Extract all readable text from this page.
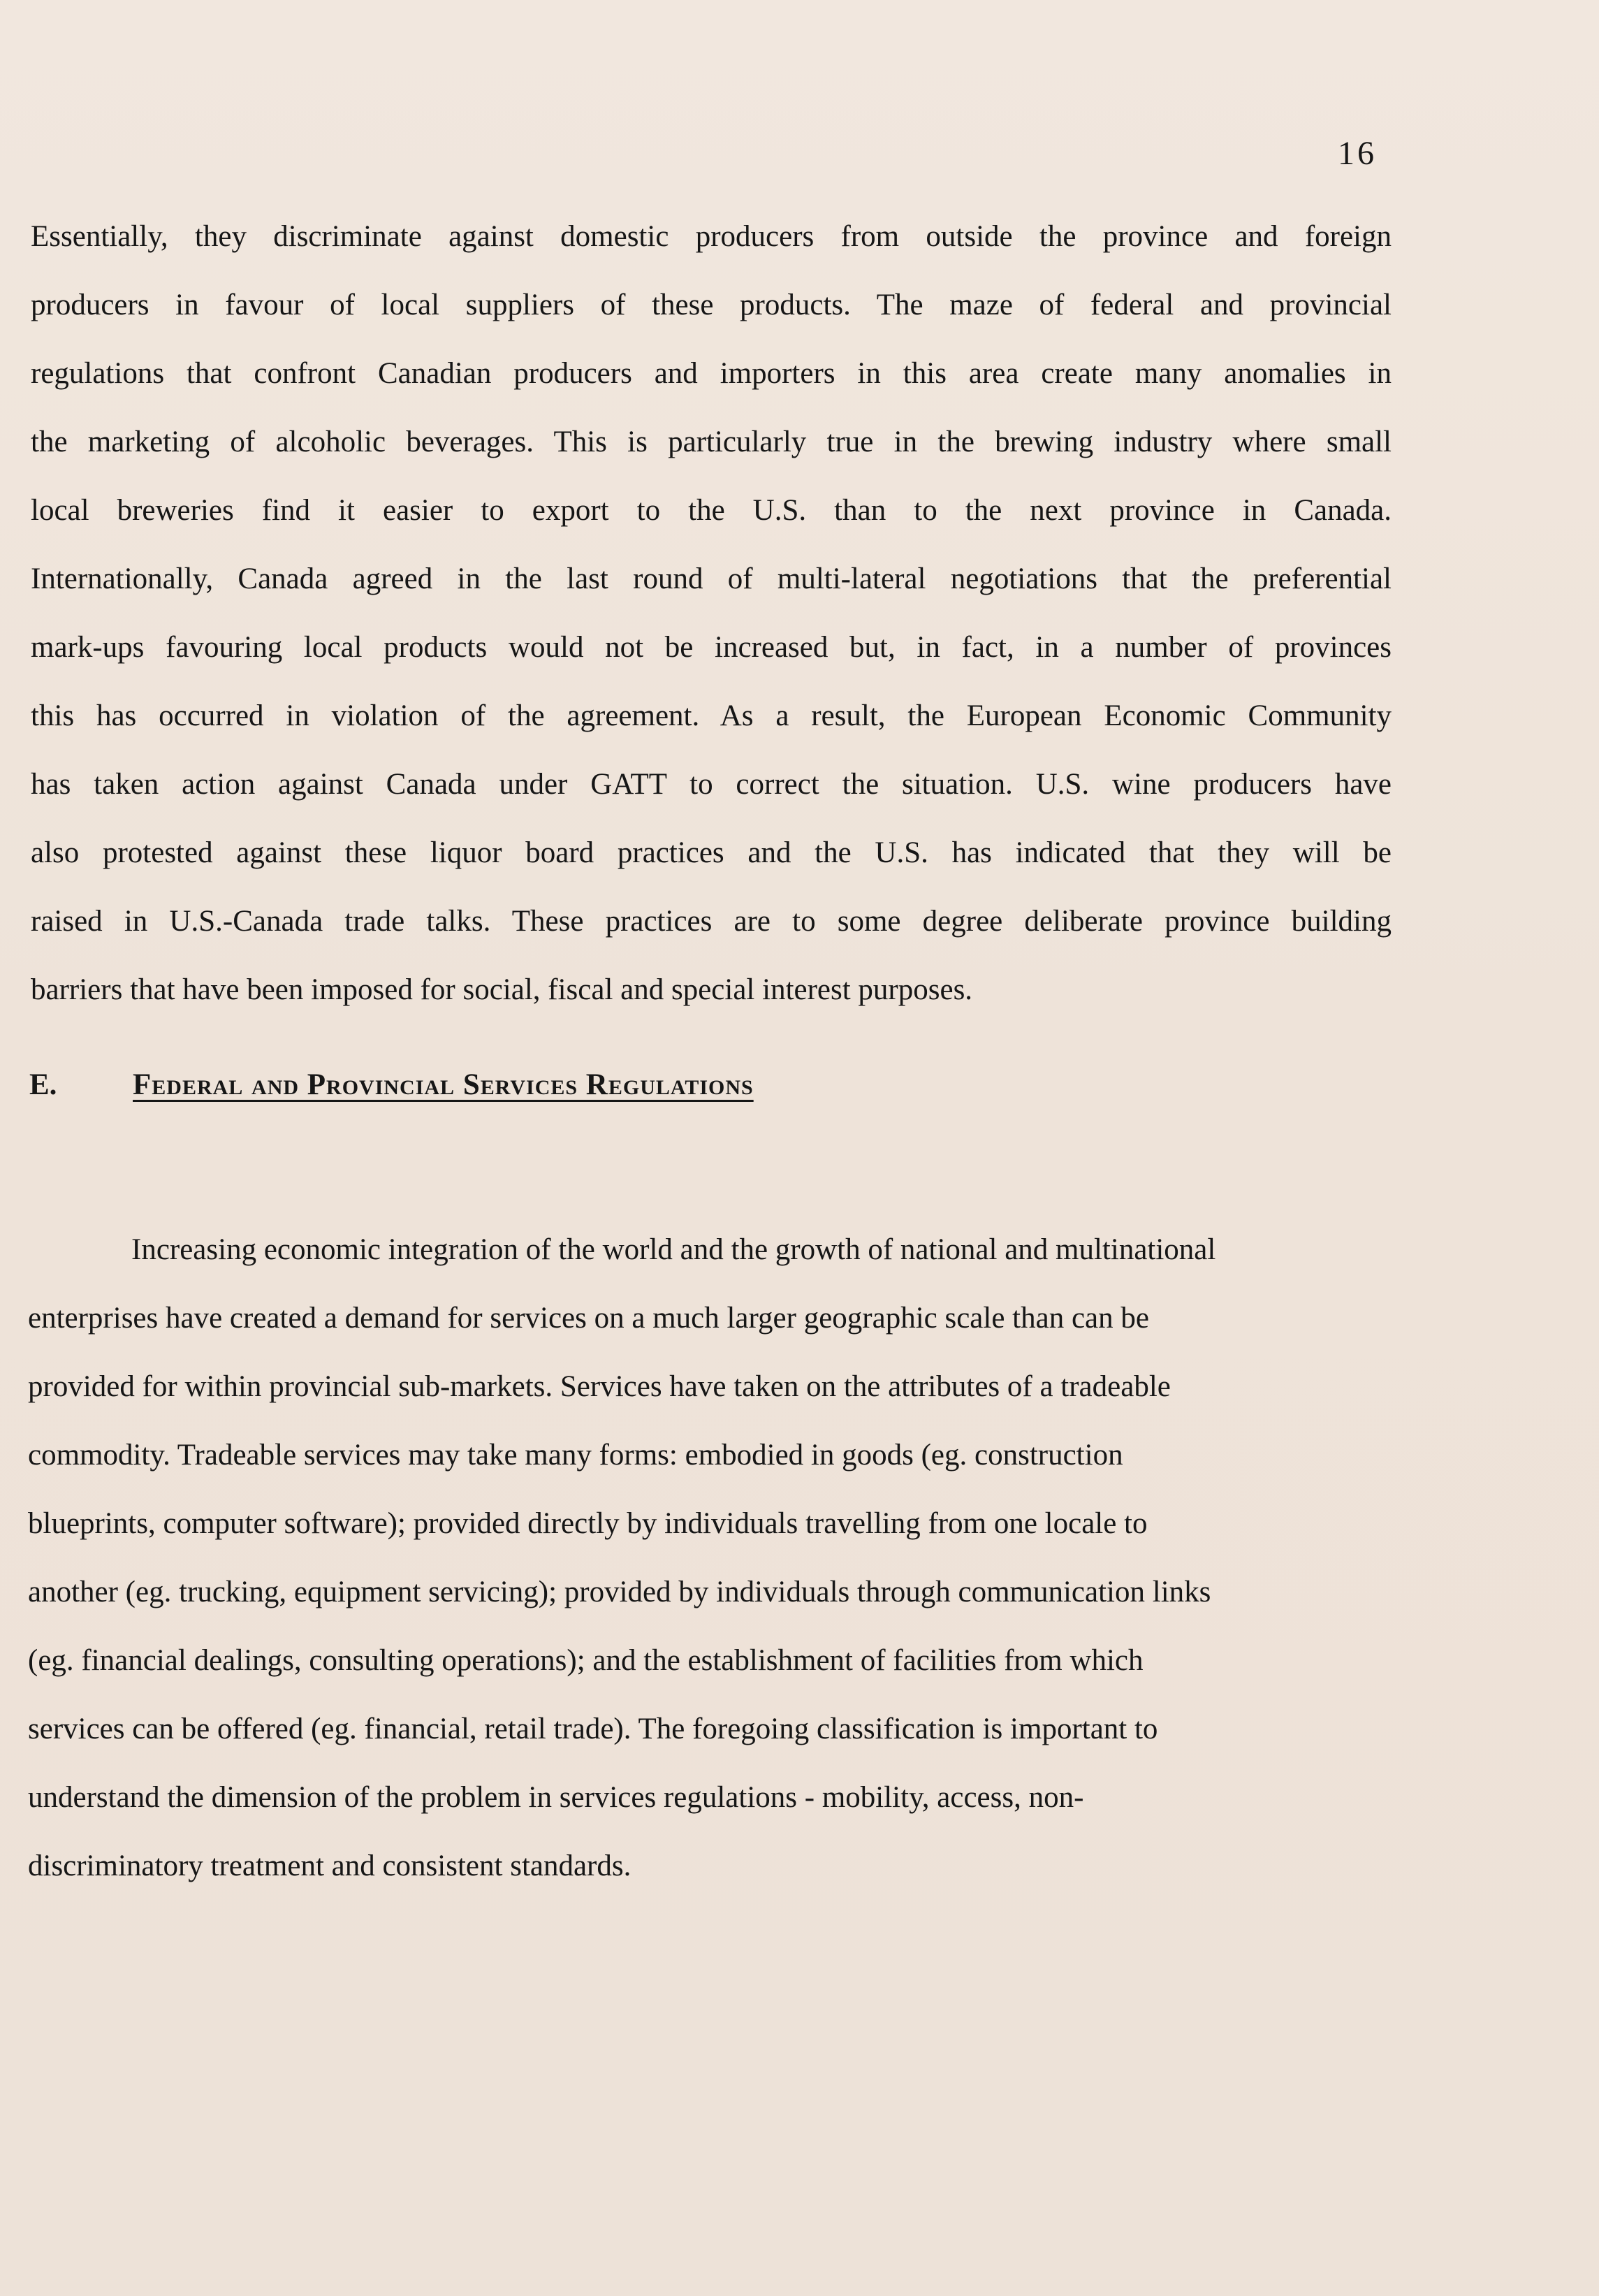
16
Essentially, they discriminate against domestic producers from outside the province and foreign
producers in favour of local suppliers of these products. The maze of federal and provincial
regulations that confront Canadian producers and importers in this area create many anomalies in
the marketing of alcoholic beverages. This is particularly true in the brewing industry where small
local breweries find it easier to export to the U.S. than to the next province in Canada.
Internationally, Canada agreed in the last round of multi-lateral negotiations that the preferential
mark-ups favouring local products would not be increased but, in fact, in a number of provinces
this has occurred in violation of the agreement. As a result, the European Economic Community
has taken action against Canada under GATT to correct the situation. U.S. wine producers have
also protested against these liquor board practices and the U.S. has indicated that they will be
raised in U.S.-Canada trade talks. These practices are to some degree deliberate province building
barriers that have been imposed for social, fiscal and special interest purposes.
E.	Federal and Provincial Services Regulations
Increasing economic integration of the world and the growth of national and multinational
enterprises have created a demand for services on a much larger geographic scale than can be
provided for within provincial sub-markets. Services have taken on the attributes of a tradeable
commodity. Tradeable services may take many forms: embodied in goods (eg. construction
blueprints, computer software); provided directly by individuals travelling from one locale to
another (eg. trucking, equipment servicing); provided by individuals through communication links
(eg. financial dealings, consulting operations); and the establishment of facilities from which
services can be offered (eg. financial, retail trade). The foregoing classification is important to
understand the dimension of the problem in services regulations - mobility, access, non-
discriminatory treatment and consistent standards.
